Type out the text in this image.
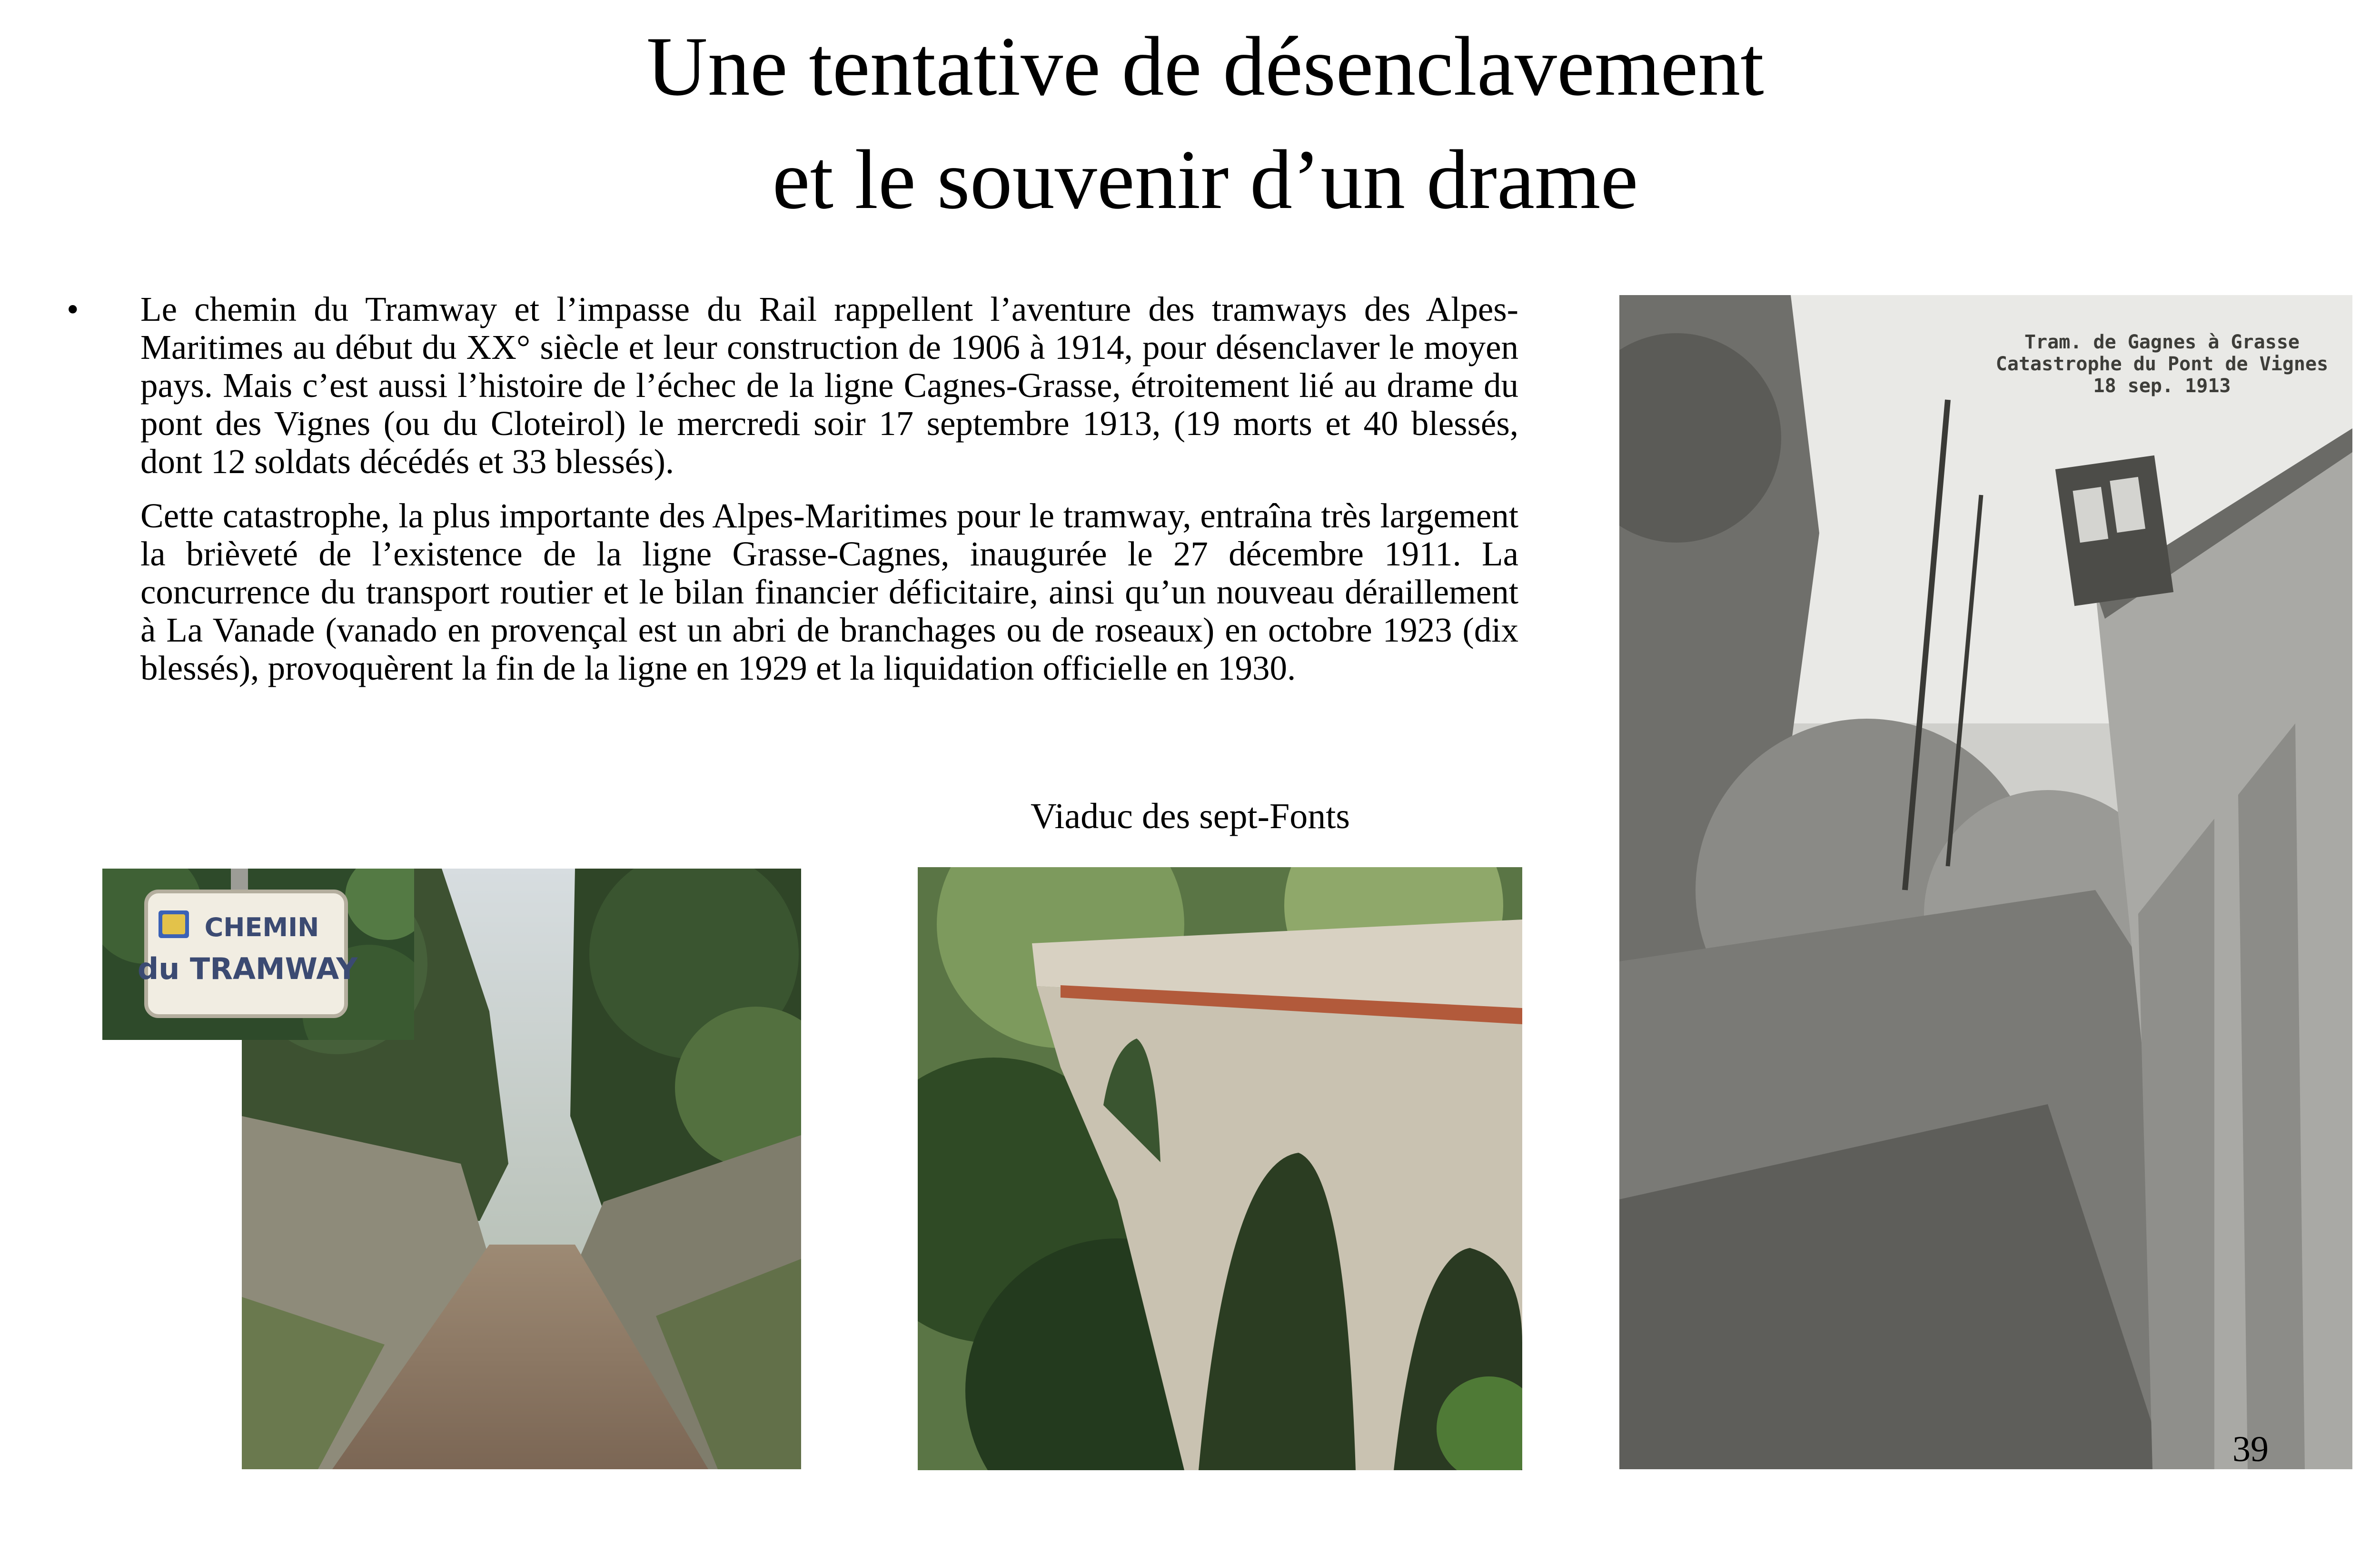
Une tentative de désenclavement
et le souvenir d’un drame
• Le chemin du Tramway et l’impasse du Rail rappellent l’aventure des tramways des Alpes-Maritimes au début du XX° siècle et leur construction de 1906 à 1914, pour désenclaver le moyen pays. Mais c’est aussi l’histoire de l’échec de la ligne Cagnes-Grasse, étroitement lié au drame du pont des Vignes (ou du Cloteirol) le mercredi soir 17 septembre 1913, (19 morts et 40 blessés, dont 12 soldats décédés et 33 blessés).
Cette catastrophe, la plus importante des Alpes-Maritimes pour le tramway, entraîna très largement la brièveté de l’existence de la ligne Grasse-Cagnes, inaugurée le 27 décembre 1911. La concurrence du transport routier et le bilan financier déficitaire, ainsi qu’un nouveau déraillement à La Vanade (vanado en provençal est un abri de branchages ou de roseaux) en octobre 1923 (dix blessés), provoquèrent la fin de la ligne en 1929 et la liquidation officielle en 1930.
Viaduc des sept-Fonts
CHEMIN
du TRAMWAY
Tram. de Gagnes à Grasse
Catastrophe du Pont de Vignes
18 sep. 1913
39
